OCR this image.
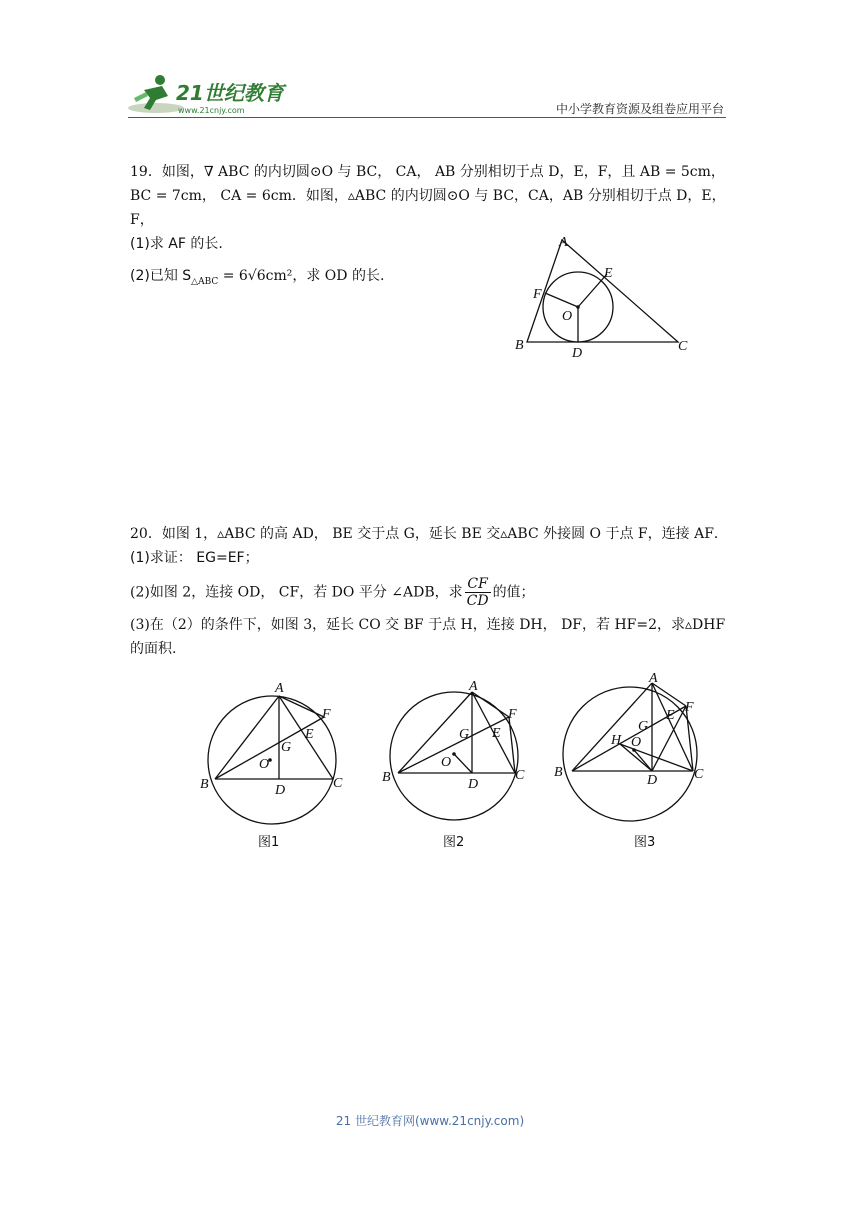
21世纪教育
www.21cnjy.com	中小学教育资源及组卷应用平台
19．如图，∇ ABC 的内切圆⊙O 与 BC， CA， AB 分别相切于点 D，E，F，且 AB = 5cm，
BC = 7cm， CA = 6cm．如图，▵ABC 的内切圆⊙O 与 BC，CA，AB 分别相切于点 D，E，F，
(1)求 AF 的长.
(2)已知 $S_{\triangle ABC} = 6√6cm^2$，求 OD 的长.
A
E
F
O
B
D	C
20．如图 1，▵ABC 的高 AD， BE 交于点 G，延长 BE 交▵ABC 外接圆 O 于点 F，连接 AF．
(1)求证： EG=EF；
(2)如图 2，连接 OD， CF，若 DO 平分 ∠ADB，求 $\frac{CF}{CD}$ 的值；
(3)在（2）的条件下，如图 3，延长 CO 交 BF 于点 H，连接 DH， DF，若 HF=2，求▵DHF
的面积.
A
F
E
G
O
B	D	C
图1
A
F
G E
O
B	D
C
图2
A
F
E
G
H O
B
D	C
图3
21 世纪教育网(www.21cnjy.com)
